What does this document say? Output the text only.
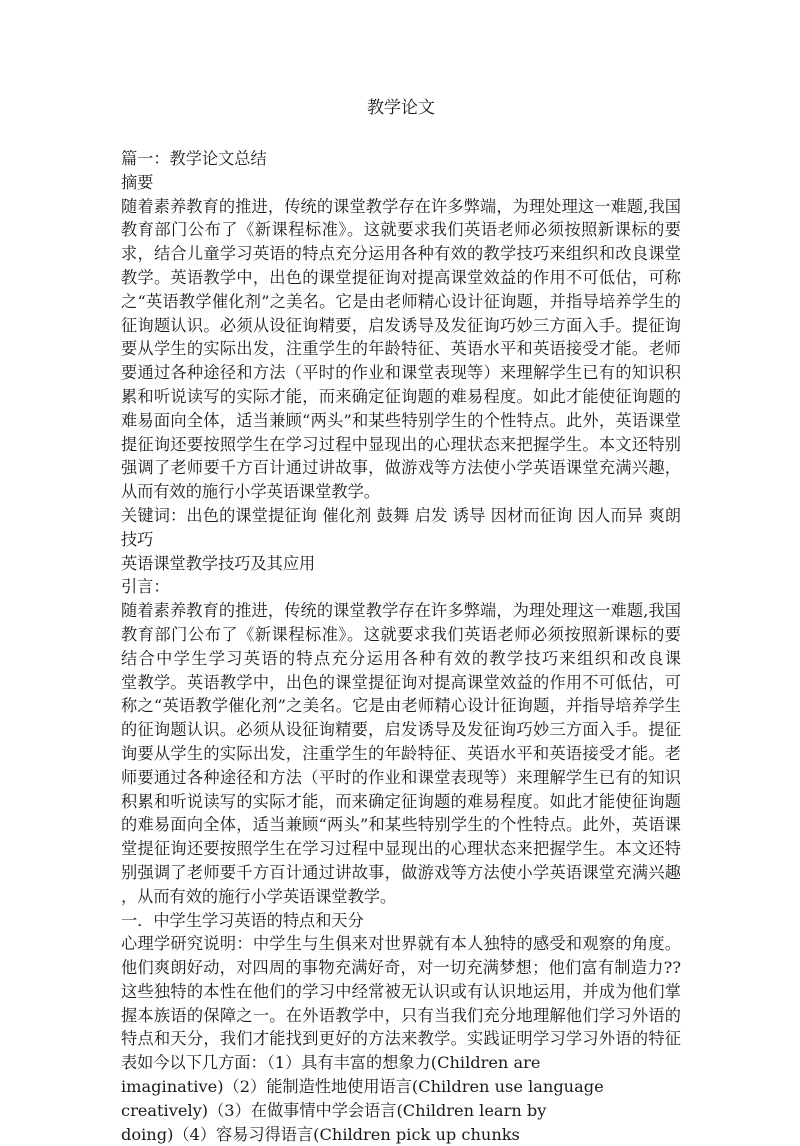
教学论文

篇一：教学论文总结

摘要

随着素养教育的推进，传统的课堂教学存在许多弊端，为理处理这一难题,我国

教育部门公布了《新课程标准》。这就要求我们英语老师必须按照新课标的要

求，结合儿童学习英语的特点充分运用各种有效的教学技巧来组织和改良课堂

教学。英语教学中，出色的课堂提征询对提高课堂效益的作用不可低估，可称

之“英语教学催化剂”之美名。它是由老师精心设计征询题，并指导培养学生的

征询题认识。必须从设征询精要，启发诱导及发征询巧妙三方面入手。提征询

要从学生的实际出发，注重学生的年龄特征、英语水平和英语接受才能。老师

要通过各种途径和方法（平时的作业和课堂表现等）来理解学生已有的知识积

累和听说读写的实际才能，而来确定征询题的难易程度。如此才能使征询题的

难易面向全体，适当兼顾“两头”和某些特别学生的个性特点。此外，英语课堂

提征询还要按照学生在学习过程中显现出的心理状态来把握学生。本文还特别

强调了老师要千方百计通过讲故事，做游戏等方法使小学英语课堂充满兴趣，

从而有效的施行小学英语课堂教学。

关键词：出色的课堂提征询 催化剂 鼓舞 启发 诱导 因材而征询 因人而异 爽朗

技巧

英语课堂教学技巧及其应用

引言：

随着素养教育的推进，传统的课堂教学存在许多弊端，为理处理这一难题,我国

教育部门公布了《新课程标准》。这就要求我们英语老师必须按照新课标的要

结合中学生学习英语的特点充分运用各种有效的教学技巧来组织和改良课

堂教学。英语教学中，出色的课堂提征询对提高课堂效益的作用不可低估，可

称之“英语教学催化剂”之美名。它是由老师精心设计征询题，并指导培养学生

的征询题认识。必须从设征询精要，启发诱导及发征询巧妙三方面入手。提征

询要从学生的实际出发，注重学生的年龄特征、英语水平和英语接受才能。老

师要通过各种途径和方法（平时的作业和课堂表现等）来理解学生已有的知识

积累和听说读写的实际才能，而来确定征询题的难易程度。如此才能使征询题

的难易面向全体，适当兼顾“两头”和某些特别学生的个性特点。此外，英语课

堂提征询还要按照学生在学习过程中显现出的心理状态来把握学生。本文还特

别强调了老师要千方百计通过讲故事，做游戏等方法使小学英语课堂充满兴趣

，从而有效的施行小学英语课堂教学。

一．中学生学习英语的特点和天分

心理学研究说明：中学生与生俱来对世界就有本人独特的感受和观察的角度。

他们爽朗好动，对四周的事物充满好奇，对一切充满梦想；他们富有制造力??

这些独特的本性在他们的学习中经常被无认识或有认识地运用，并成为他们掌

握本族语的保障之一。在外语教学中，只有当我们充分地理解他们学习外语的

特点和天分，我们才能找到更好的方法来教学。实践证明学习学习外语的特征

表如今以下几方面：（1）具有丰富的想象力(Children are

imaginative)（2）能制造性地使用语言(Children use language

creatively)（3）在做事情中学会语言(Children learn by

doing)（4）容易习得语言(Children pick up chunks
